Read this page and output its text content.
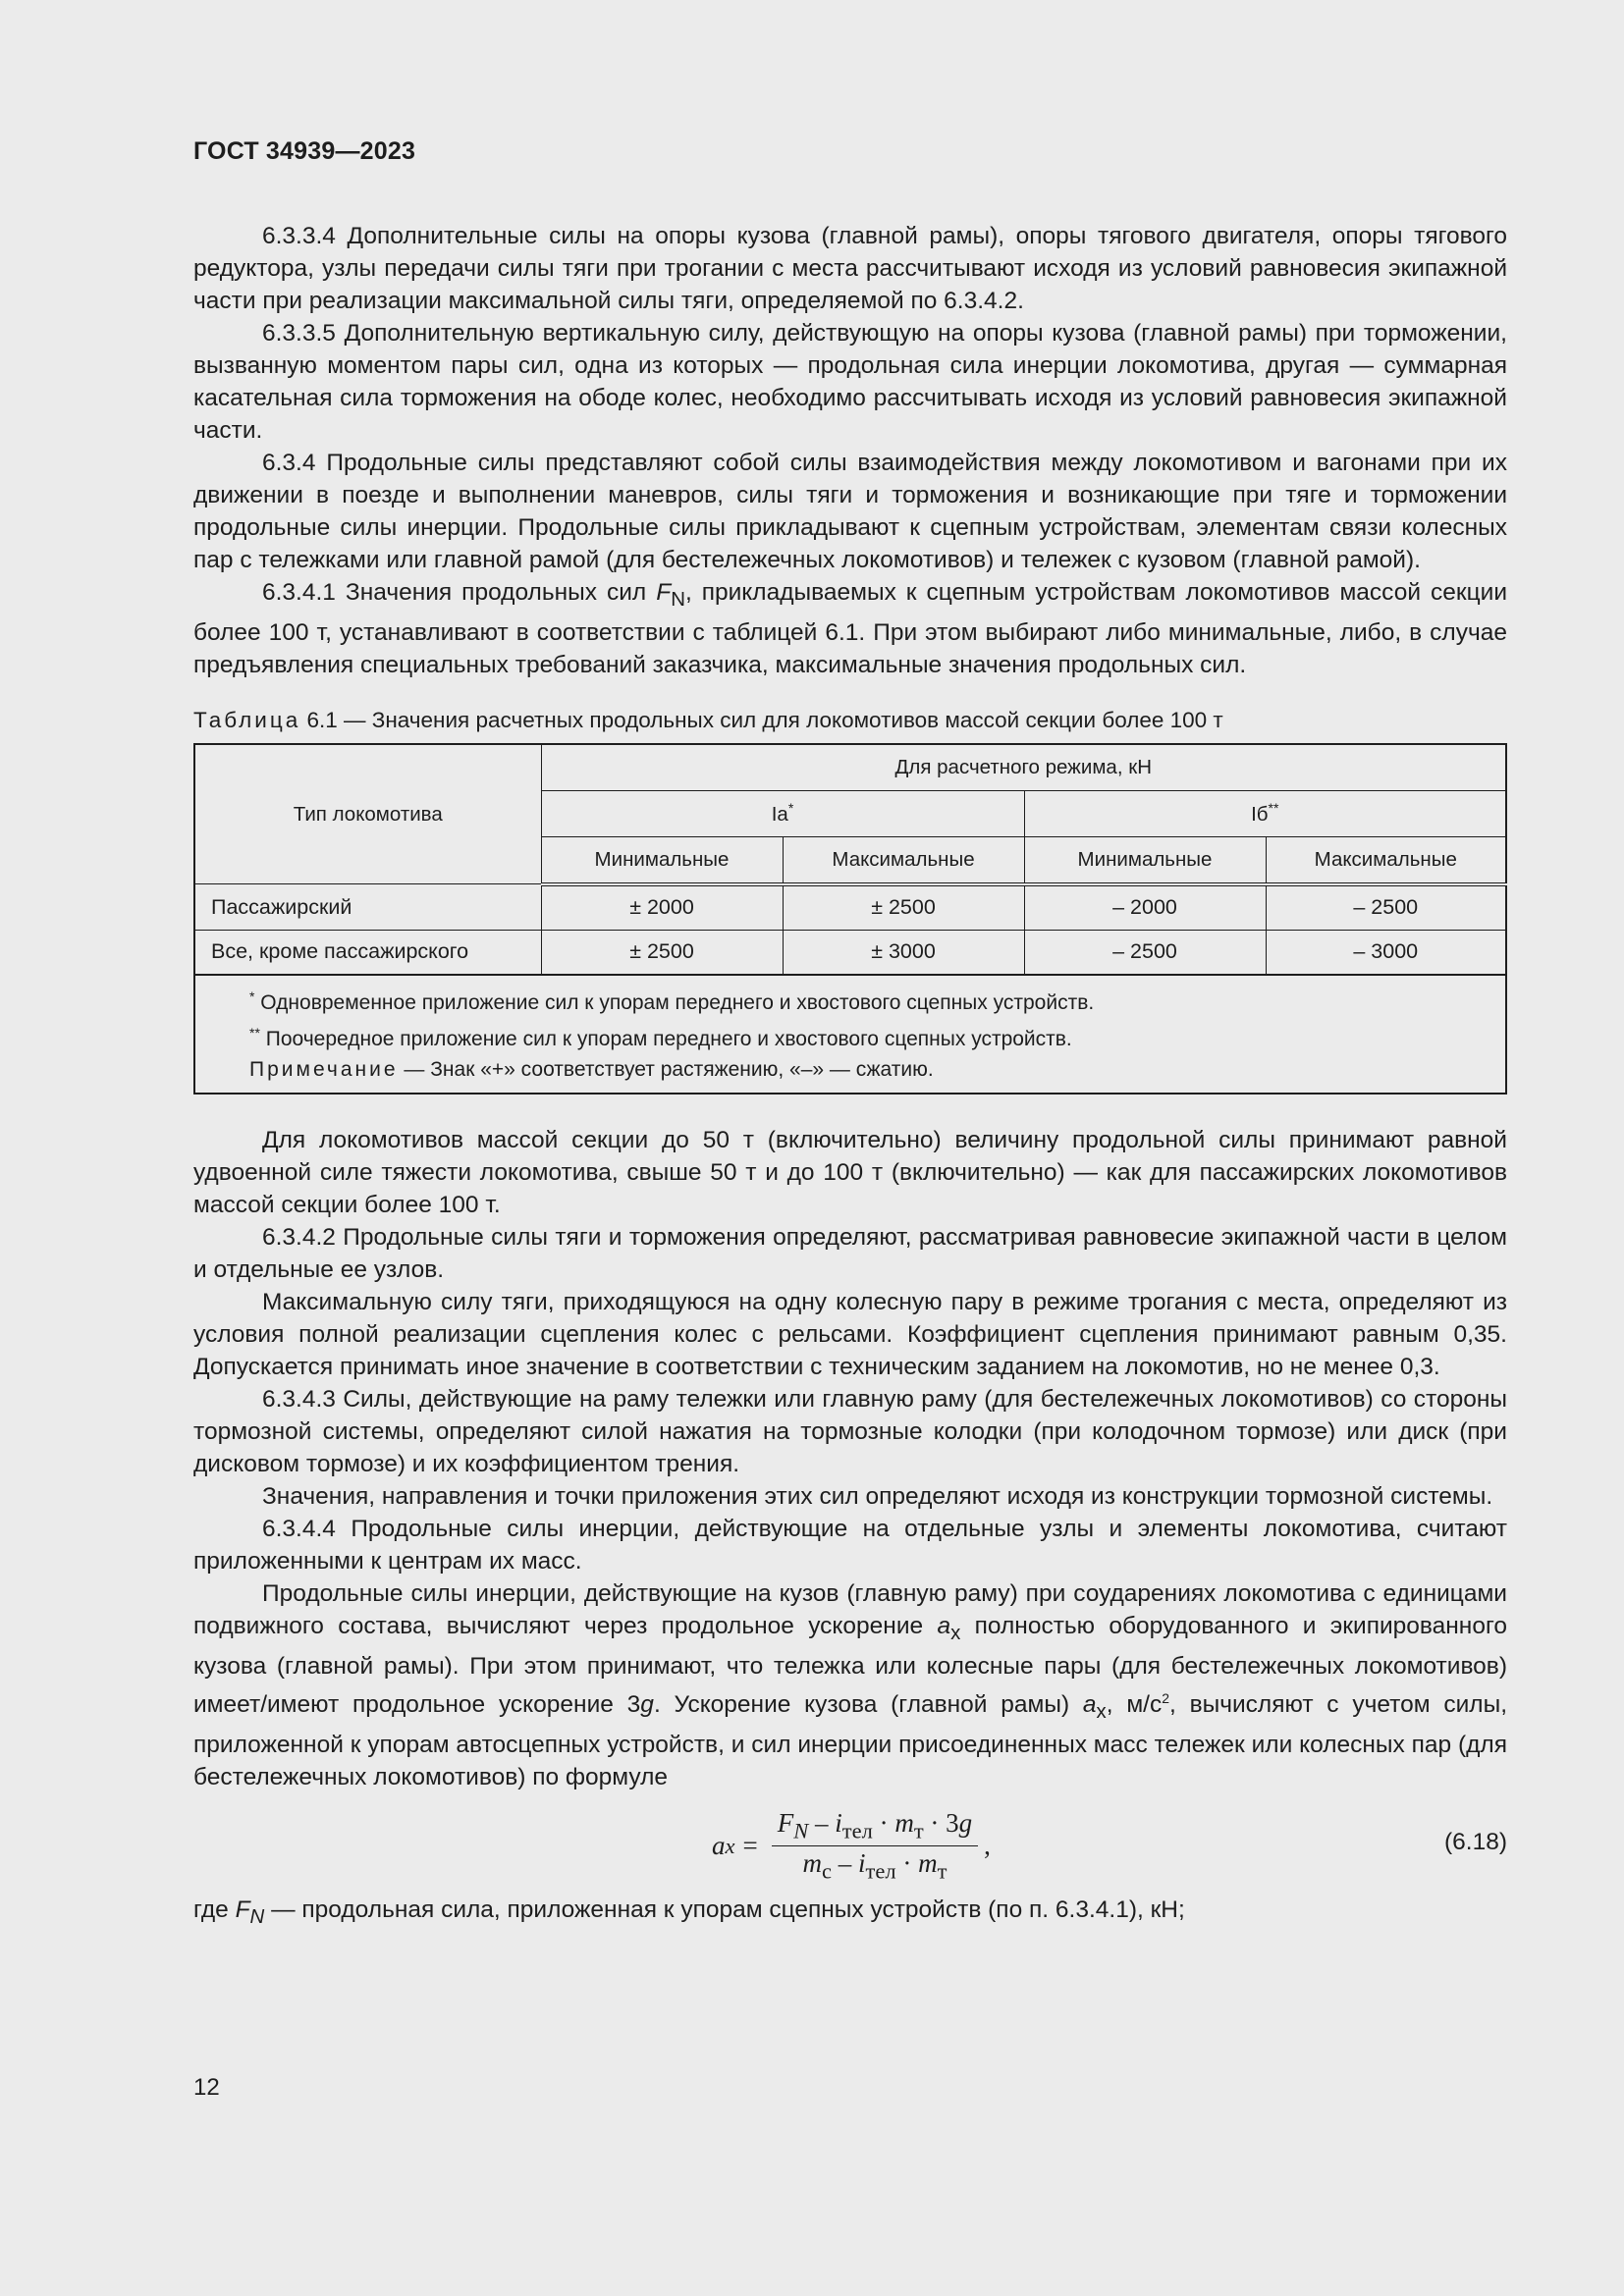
ГОСТ 34939—2023

6.3.3.4 Дополнительные силы на опоры кузова (главной рамы), опоры тягового двигателя, опоры тягового редуктора, узлы передачи силы тяги при трогании с места рассчитывают исходя из условий равновесия экипажной части при реализации максимальной силы тяги, определяемой по 6.3.4.2.

6.3.3.5 Дополнительную вертикальную силу, действующую на опоры кузова (главной рамы) при торможении, вызванную моментом пары сил, одна из которых — продольная сила инерции локомотива, другая — суммарная касательная сила торможения на ободе колес, необходимо рассчитывать исходя из условий равновесия экипажной части.

6.3.4 Продольные силы представляют собой силы взаимодействия между локомотивом и вагонами при их движении в поезде и выполнении маневров, силы тяги и торможения и возникающие при тяге и торможении продольные силы инерции. Продольные силы прикладывают к сцепным устройствам, элементам связи колесных пар с тележками или главной рамой (для бестележечных локомотивов) и тележек с кузовом (главной рамой).

6.3.4.1 Значения продольных сил $F_N$, прикладываемых к сцепным устройствам локомотивов массой секции более 100 т, устанавливают в соответствии с таблицей 6.1. При этом выбирают либо минимальные, либо, в случае предъявления специальных требований заказчика, максимальные значения продольных сил.

Таблица 6.1 — Значения расчетных продольных сил для локомотивов массой секции более 100 т
Тип локомотива	Для расчетного режима, кН			
	Iа*		Iб**
	Минимальные	Максимальные	Минимальные	Максимальные
Пассажирский	± 2000	± 2500	– 2000	– 2500
Все, кроме пассажирского	± 2500	± 3000	– 2500	– 3000

* Одновременное приложение сил к упорам переднего и хвостового сцепных устройств.
** Поочередное приложение сил к упорам переднего и хвостового сцепных устройств.
Примечание — Знак «+» соответствует растяжению, «–» — сжатию.				

Для локомотивов массой секции до 50 т (включительно) величину продольной силы принимают равной удвоенной силе тяжести локомотива, свыше 50 т и до 100 т (включительно) — как для пассажирских локомотивов массой секции более 100 т.

6.3.4.2 Продольные силы тяги и торможения определяют, рассматривая равновесие экипажной части в целом и отдельные ее узлов.

Максимальную силу тяги, приходящуюся на одну колесную пару в режиме трогания с места, определяют из условия полной реализации сцепления колес с рельсами. Коэффициент сцепления принимают равным 0,35. Допускается принимать иное значение в соответствии с техническим заданием на локомотив, но не менее 0,3.

6.3.4.3 Силы, действующие на раму тележки или главную раму (для бестележечных локомотивов) со стороны тормозной системы, определяют силой нажатия на тормозные колодки (при колодочном тормозе) или диск (при дисковом тормозе) и их коэффициентом трения.

Значения, направления и точки приложения этих сил определяют исходя из конструкции тормозной системы.

6.3.4.4 Продольные силы инерции, действующие на отдельные узлы и элементы локомотива, считают приложенными к центрам их масс.

Продольные силы инерции, действующие на кузов (главную раму) при соударениях локомотива с единицами подвижного состава, вычисляют через продольное ускорение $a_x$ полностью оборудованного и экипированного кузова (главной рамы). При этом принимают, что тележка или колесные пары (для бестележечных локомотивов) имеет/имеют продольное ускорение 3g. Ускорение кузова (главной рамы) $a_x$, $м/с^2$, вычисляют с учетом силы, приложенной к упорам автосцепных устройств, и сил инерции присоединенных масс тележек или колесных пар (для бестележечных локомотивов) по формуле

a $x = \frac{F_N - i_{тел} \cdot m_т \cdot 3g}{m_с - i_{тел} \cdot m_т}$ ,	(6.18)

где $F_N$ — продольная сила, приложенная к упорам сцепных устройств (по п. 6.3.4.1), кН;

12
